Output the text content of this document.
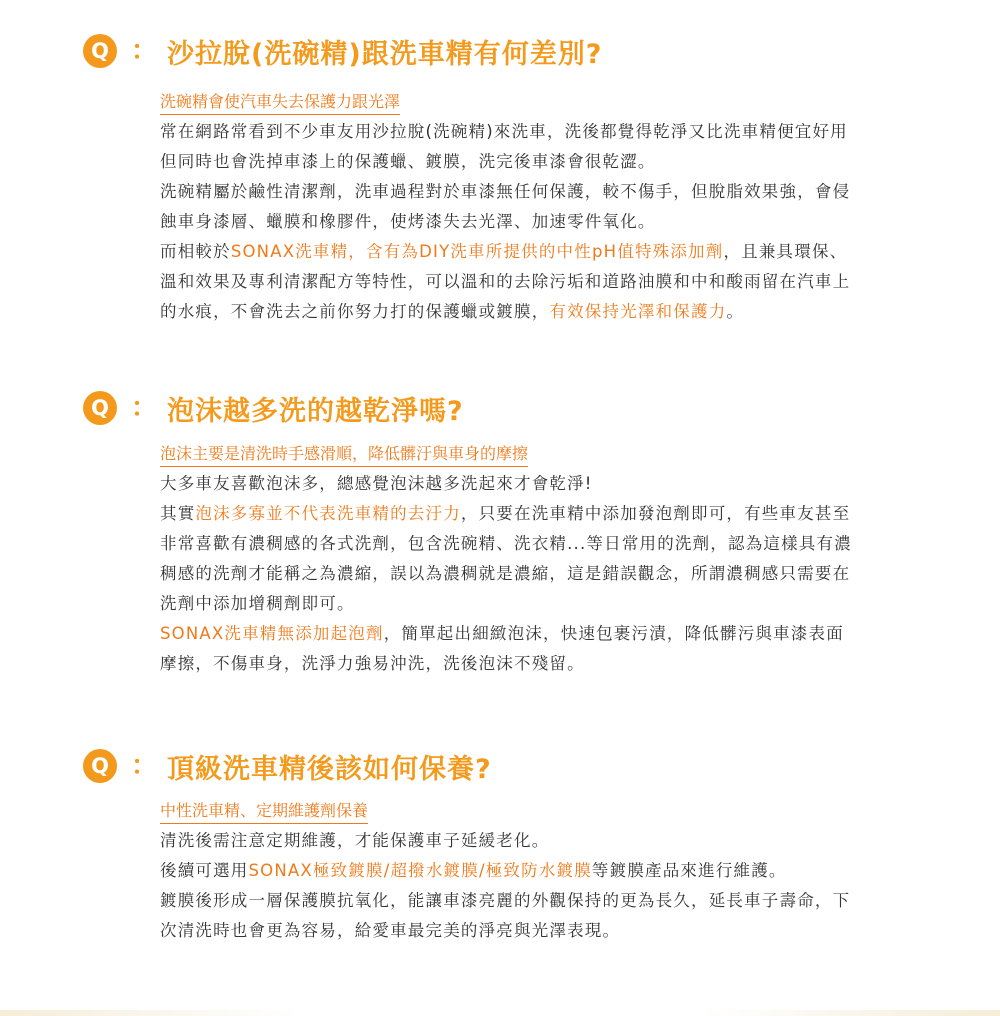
Q ： 沙拉脫(洗碗精)跟洗車精有何差別?
洗碗精會使汽車失去保護力跟光澤
常在網路常看到不少車友用沙拉脫(洗碗精)來洗車，洗後都覺得乾淨又比洗車精便宜好用
但同時也會洗掉車漆上的保護蠟、鍍膜，洗完後車漆會很乾澀。
洗碗精屬於鹼性清潔劑，洗車過程對於車漆無任何保護，較不傷手，但脫脂效果強，會侵
蝕車身漆層、蠟膜和橡膠件，使烤漆失去光澤、加速零件氧化。
而相較於SONAX洗車精，含有為DIY洗車所提供的中性pH值特殊添加劑，且兼具環保、
溫和效果及專利清潔配方等特性，可以溫和的去除污垢和道路油膜和中和酸雨留在汽車上
的水痕，不會洗去之前你努力打的保護蠟或鍍膜，有效保持光澤和保護力。
Q ： 泡沫越多洗的越乾淨嗎?
泡沫主要是清洗時手感滑順，降低髒汙與車身的摩擦
大多車友喜歡泡沫多，總感覺泡沫越多洗起來才會乾淨!
其實泡沫多寡並不代表洗車精的去汙力，只要在洗車精中添加發泡劑即可，有些車友甚至
非常喜歡有濃稠感的各式洗劑，包含洗碗精、洗衣精...等日常用的洗劑，認為這樣具有濃
稠感的洗劑才能稱之為濃縮，誤以為濃稠就是濃縮，這是錯誤觀念，所謂濃稠感只需要在
洗劑中添加增稠劑即可。
SONAX洗車精無添加起泡劑，簡單起出細緻泡沫，快速包裹污漬，降低髒污與車漆表面
摩擦，不傷車身，洗淨力強易沖洗，洗後泡沫不殘留。
Q ： 頂級洗車精後該如何保養?
中性洗車精、定期維護劑保養
清洗後需注意定期維護，才能保護車子延緩老化。
後續可選用SONAX極致鍍膜/超撥水鍍膜/極致防水鍍膜等鍍膜產品來進行維護。
鍍膜後形成一層保護膜抗氧化，能讓車漆亮麗的外觀保持的更為長久，延長車子壽命，下
次清洗時也會更為容易，給愛車最完美的淨亮與光澤表現。
